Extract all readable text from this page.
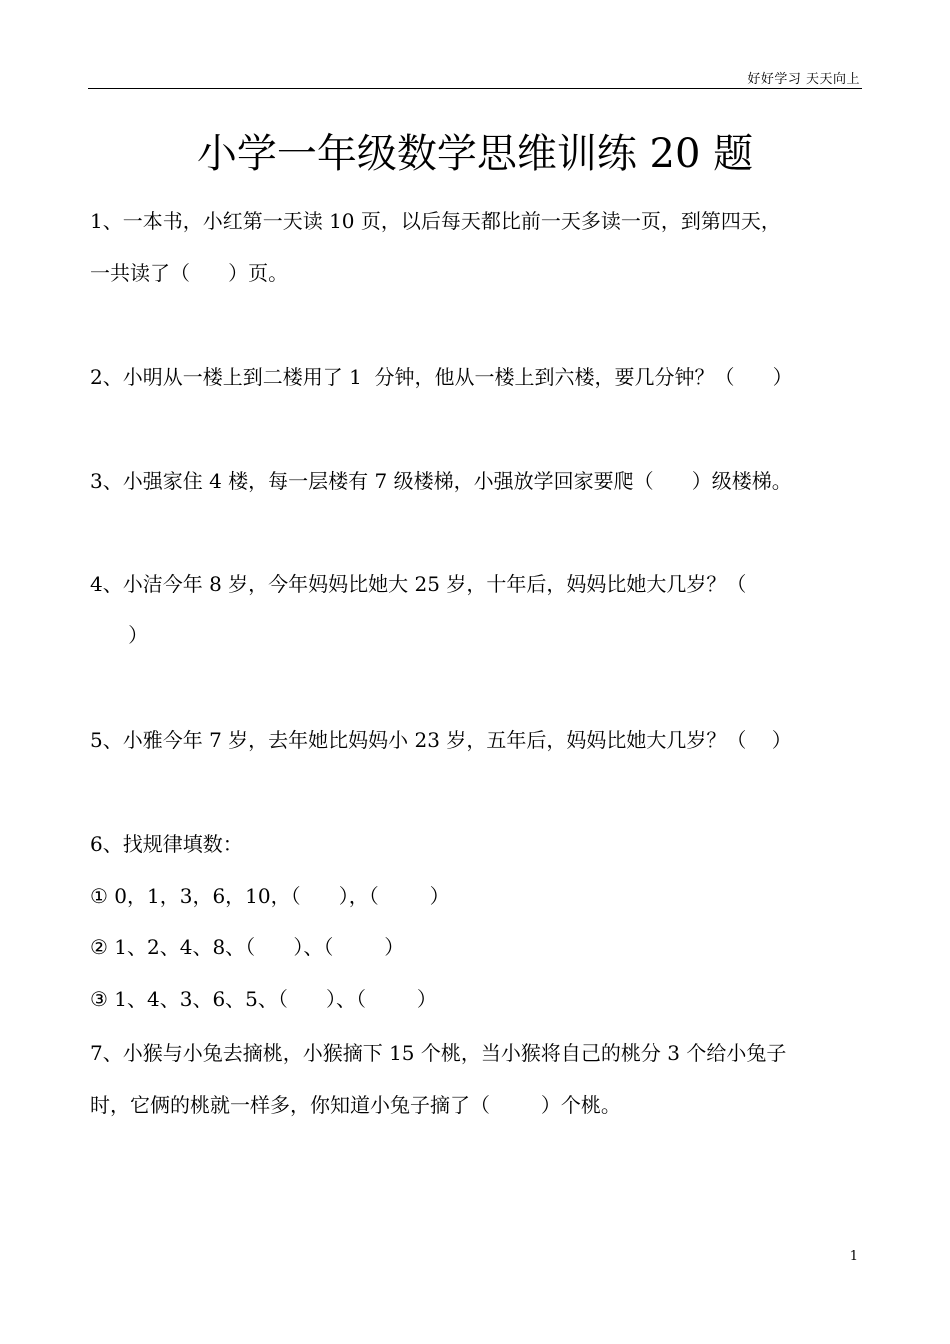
好好学习 天天向上
小学一年级数学思维训练 20 题
1、一本书，小红第一天读 10 页，以后每天都比前一天多读一页，到第四天，
一共读了（      ）页。
2、小明从一楼上到二楼用了 1  分钟，他从一楼上到六楼，要几分钟？（      ）
3、小强家住 4 楼，每一层楼有 7 级楼梯，小强放学回家要爬（      ）级楼梯。
4、小洁今年 8 岁，今年妈妈比她大 25 岁，十年后，妈妈比她大几岁？（
）
5、小雅今年 7 岁，去年她比妈妈小 23 岁，五年后，妈妈比她大几岁？（    ）
6、找规律填数：
① 0，1，3，6，10，（      ），（        ）
② 1、2、4、8、（      ）、（        ）
③ 1、4、3、6、5、（      ）、（        ）
7、小猴与小兔去摘桃，小猴摘下 15 个桃，当小猴将自己的桃分 3 个给小兔子
时，它俩的桃就一样多，你知道小兔子摘了（        ）个桃。
1
